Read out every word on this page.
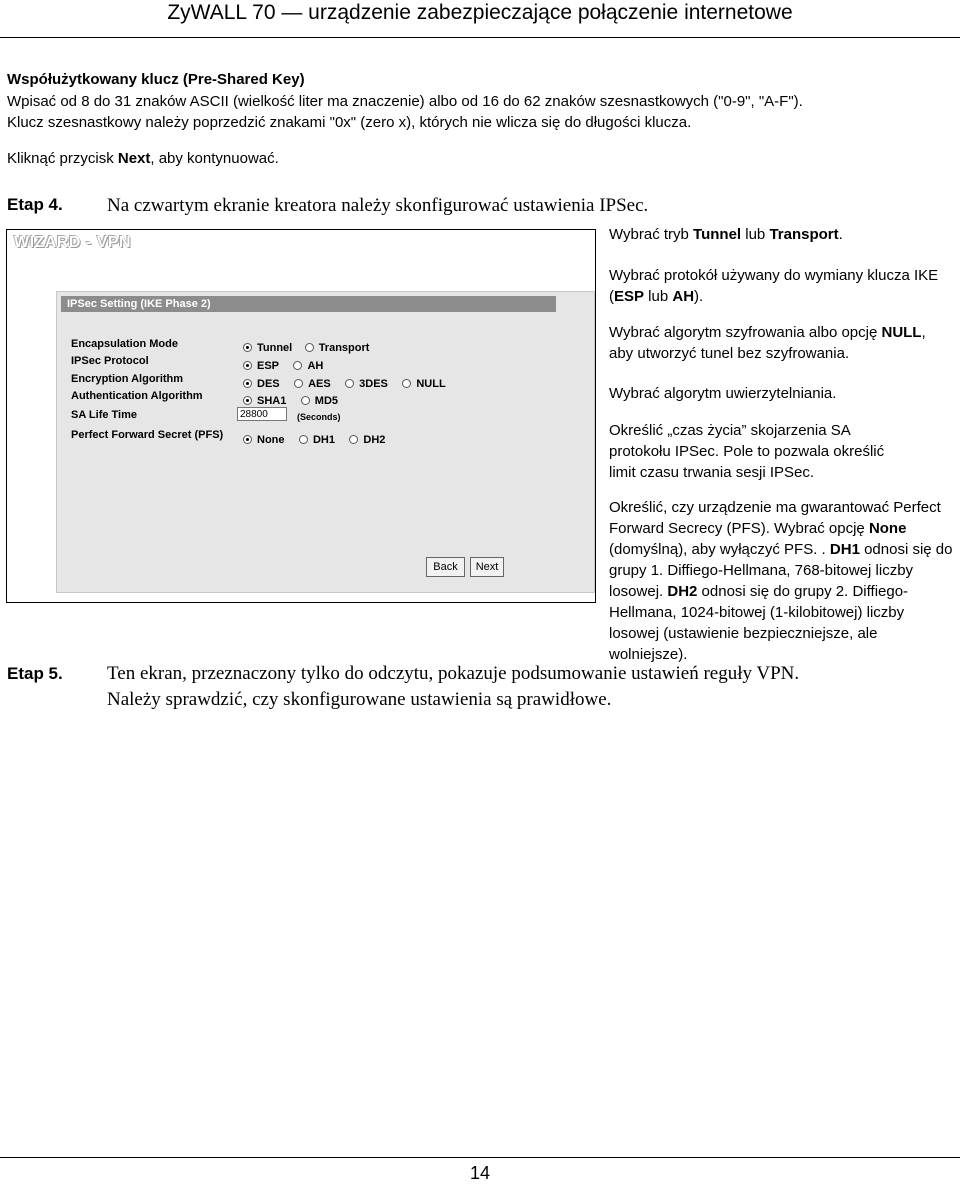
ZyWALL 70 — urządzenie zabezpieczające połączenie internetowe
Współużytkowany klucz (Pre-Shared Key)
Wpisać od 8 do 31 znaków ASCII (wielkość liter ma znaczenie) albo od 16 do 62 znaków szesnastkowych ("0-9", "A-F").
Klucz szesnastkowy należy poprzedzić znakami "0x" (zero x), których nie wlicza się do długości klucza.
Kliknąć przycisk Next, aby kontynuować.
Etap 4. Na czwartym ekranie kreatora należy skonfigurować ustawienia IPSec.
WIZARD - VPN
IPSec Setting (IKE Phase 2)
Encapsulation Mode	Tunnel
Transport
IPSec Protocol	ESP
	AH
Encryption Algorithm	DES
	AES
	3DES
	NULL
Authentication Algorithm	SHA1
	MD5
SA Life Time	28800	(Seconds)
Perfect Forward Secret (PFS)	None
	DH1
	DH2
Back	Next
Wybrać tryb Tunnel lub Transport.
Wybrać protokół używany do wymiany klucza IKE (ESP lub AH).
Wybrać algorytm szyfrowania albo opcję NULL, aby utworzyć tunel bez szyfrowania.
Wybrać algorytm uwierzytelniania.
Określić „czas życia” skojarzenia SA protokołu IPSec. Pole to pozwala określić limit czasu trwania sesji IPSec.
Określić, czy urządzenie ma gwarantować Perfect Forward Secrecy (PFS). Wybrać opcję None (domyślną), aby wyłączyć PFS. . DH1 odnosi się do grupy 1. Diffiego-Hellmana, 768-bitowej liczby losowej. DH2 odnosi się do grupy 2. Diffiego-Hellmana, 1024-bitowej (1-kilobitowej) liczby losowej (ustawienie bezpieczniejsze, ale wolniejsze).
Etap 5. Ten ekran, przeznaczony tylko do odczytu, pokazuje podsumowanie ustawień reguły VPN.
Należy sprawdzić, czy skonfigurowane ustawienia są prawidłowe.
14
